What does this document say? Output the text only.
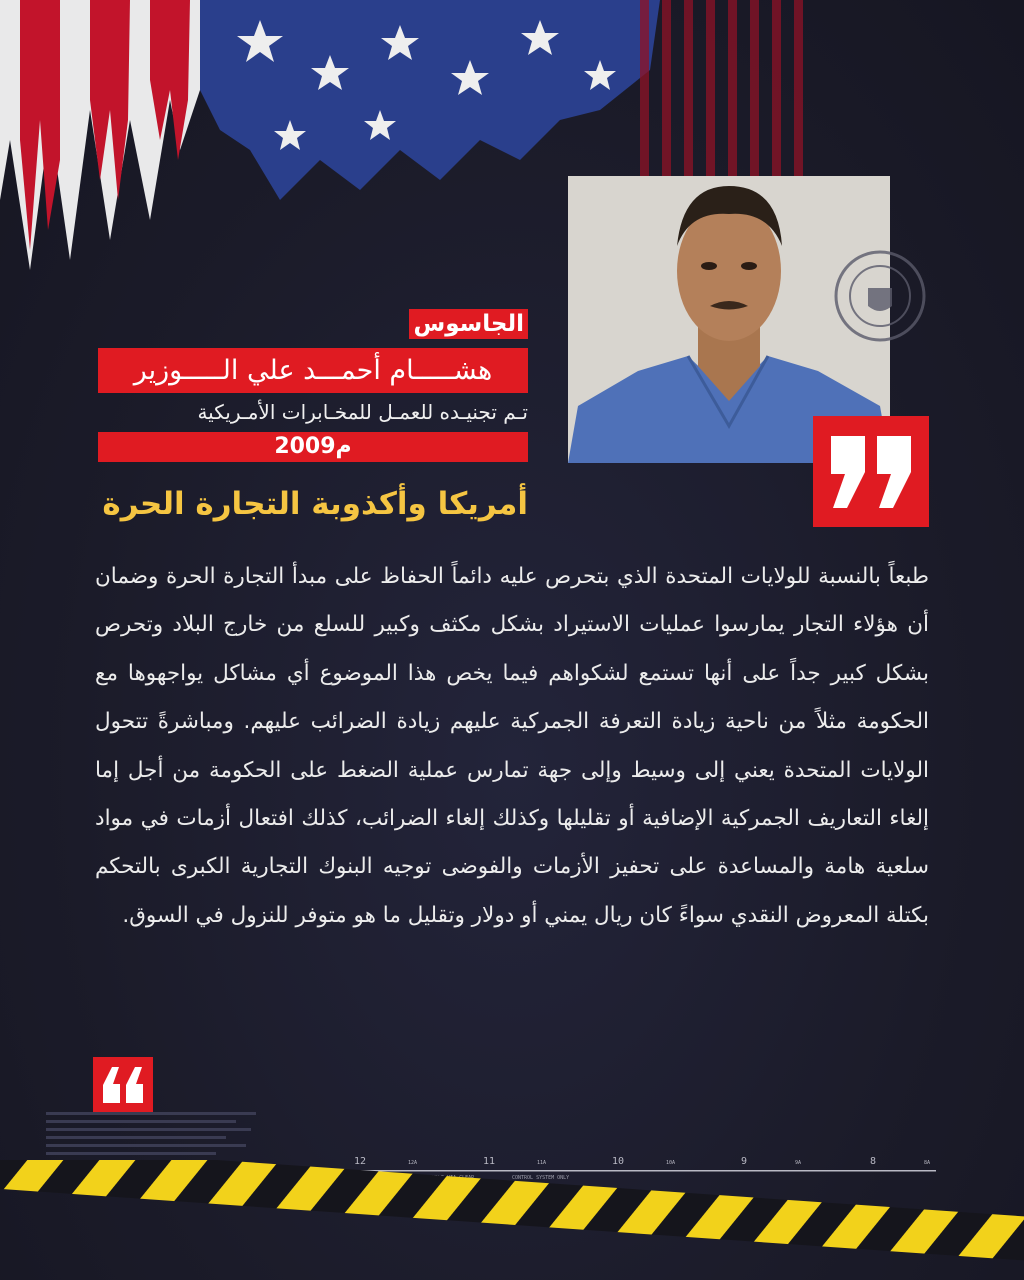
الجاسوس
هشـــــام أحمـــد علي الـــــوزير
تـم تجنيـده للعمـل للمخـابرات الأمـريكية
2009م
أمريكا وأكذوبة التجارة الحرة
طبعاً بالنسبة للولايات المتحدة الذي بتحرص عليه دائماً الحفاظ على مبدأ التجارة الحرة وضمان أن هؤلاء التجار يمارسوا عمليات الاستيراد بشكل مكثف وكبير للسلع من خارج البلاد وتحرص بشكل كبير جداً على أنها تستمع لشكواهم فيما يخص هذا الموضوع أي مشاكل يواجهوها مع الحكومة مثلاً من ناحية زيادة التعرفة الجمركية عليهم زيادة الضرائب عليهم. ومباشرةً تتحول الولايات المتحدة يعني إلى وسيط وإلى جهة تمارس عملية الضغط على الحكومة من أجل إما إلغاء التعاريف الجمركية الإضافية أو تقليلها وكذلك إلغاء الضرائب، كذلك افتعال أزمات في مواد سلعية هامة والمساعدة على تحفيز الأزمات والفوضى توجيه البنوك التجارية الكبرى بالتحكم بكتلة المعروض النقدي سواءً كان ريال يمني أو دولار وتقليل ما هو متوفر للنزول في السوق.
12	12A	11	11A	10	10A	9	9A	8	8A
CONTROL SYSTEM ONLY
